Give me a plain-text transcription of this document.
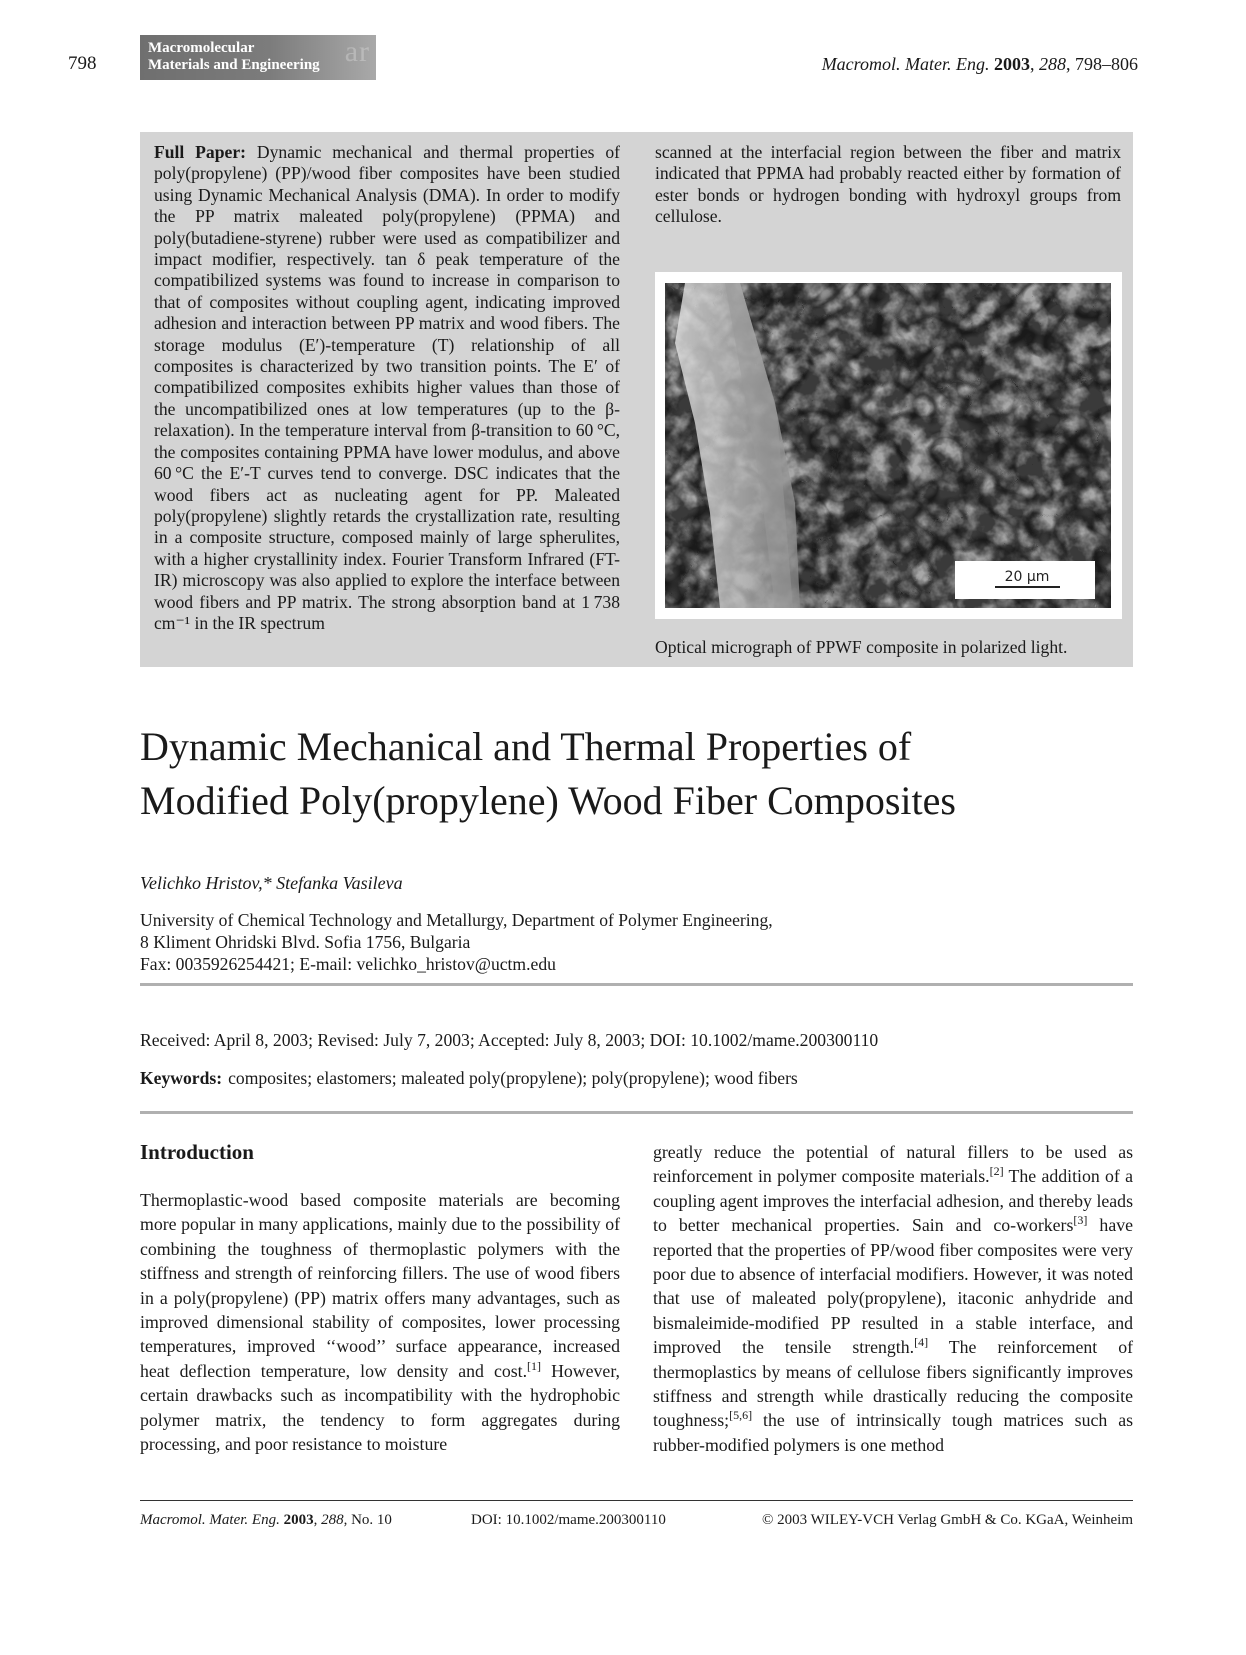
798	ar
Macromolecular
Materials and Engineering	Macromol. Mater. Eng. 2003, 288, 798–806
Full Paper: Dynamic mechanical and thermal properties of poly(propylene) (PP)/wood fiber composites have been studied using Dynamic Mechanical Analysis (DMA). In order to modify the PP matrix maleated poly(propylene) (PPMA) and poly(butadiene-styrene) rubber were used as compatibilizer and impact modifier, respectively. tan δ peak temperature of the compatibilized systems was found to increase in comparison to that of composites without coupling agent, indicating improved adhesion and interaction between PP matrix and wood fibers. The storage modulus (E′)-temperature (T) relationship of all composites is characterized by two transition points. The E′ of compatibilized composites exhibits higher values than those of the uncompatibilized ones at low temperatures (up to the β-relaxation). In the temperature interval from β-transition to 60 °C, the composites containing PPMA have lower modulus, and above 60 °C the E′-T curves tend to converge. DSC indicates that the wood fibers act as nucleating agent for PP. Maleated poly(propylene) slightly retards the crystallization rate, resulting in a composite structure, composed mainly of large spherulites, with a higher crystallinity index. Fourier Transform Infrared (FT-IR) microscopy was also applied to explore the interface between wood fibers and PP matrix. The strong absorption band at 1 738 cm⁻¹ in the IR spectrum
scanned at the interfacial region between the fiber and matrix indicated that PPMA had probably reacted either by formation of ester bonds or hydrogen bonding with hydroxyl groups from cellulose.
20 μm
Optical micrograph of PPWF composite in polarized light.
Dynamic Mechanical and Thermal Properties of
Modified Poly(propylene) Wood Fiber Composites
Velichko Hristov,* Stefanka Vasileva
University of Chemical Technology and Metallurgy, Department of Polymer Engineering,
8 Kliment Ohridski Blvd. Sofia 1756, Bulgaria
Fax: 0035926254421; E-mail: velichko_hristov@uctm.edu
Received: April 8, 2003; Revised: July 7, 2003; Accepted: July 8, 2003; DOI: 10.1002/mame.200300110
Keywords: composites; elastomers; maleated poly(propylene); poly(propylene); wood fibers
Introduction

Thermoplastic-wood based composite materials are becoming more popular in many applications, mainly due to the possibility of combining the toughness of thermoplastic polymers with the stiffness and strength of reinforcing fillers. The use of wood fibers in a poly(propylene) (PP) matrix offers many advantages, such as improved dimensional stability of composites, lower processing temperatures, improved ‘‘wood’’ surface appearance, increased heat deflection temperature, low density and cost.[1] However, certain drawbacks such as incompatibility with the hydrophobic polymer matrix, the tendency to form aggregates during processing, and poor resistance to moisture

greatly reduce the potential of natural fillers to be used as reinforcement in polymer composite materials.[2] The addition of a coupling agent improves the interfacial adhesion, and thereby leads to better mechanical properties. Sain and co-workers[3] have reported that the properties of PP/wood fiber composites were very poor due to absence of interfacial modifiers. However, it was noted that use of maleated poly(propylene), itaconic anhydride and bismaleimide-modified PP resulted in a stable interface, and improved the tensile strength.[4] The reinforcement of thermoplastics by means of cellulose fibers significantly improves stiffness and strength while drastically reducing the composite toughness;[5,6] the use of intrinsically tough matrices such as rubber-modified polymers is one method

Macromol. Mater. Eng. 2003, 288, No. 10	DOI: 10.1002/mame.200300110	© 2003 WILEY-VCH Verlag GmbH & Co. KGaA, Weinheim
